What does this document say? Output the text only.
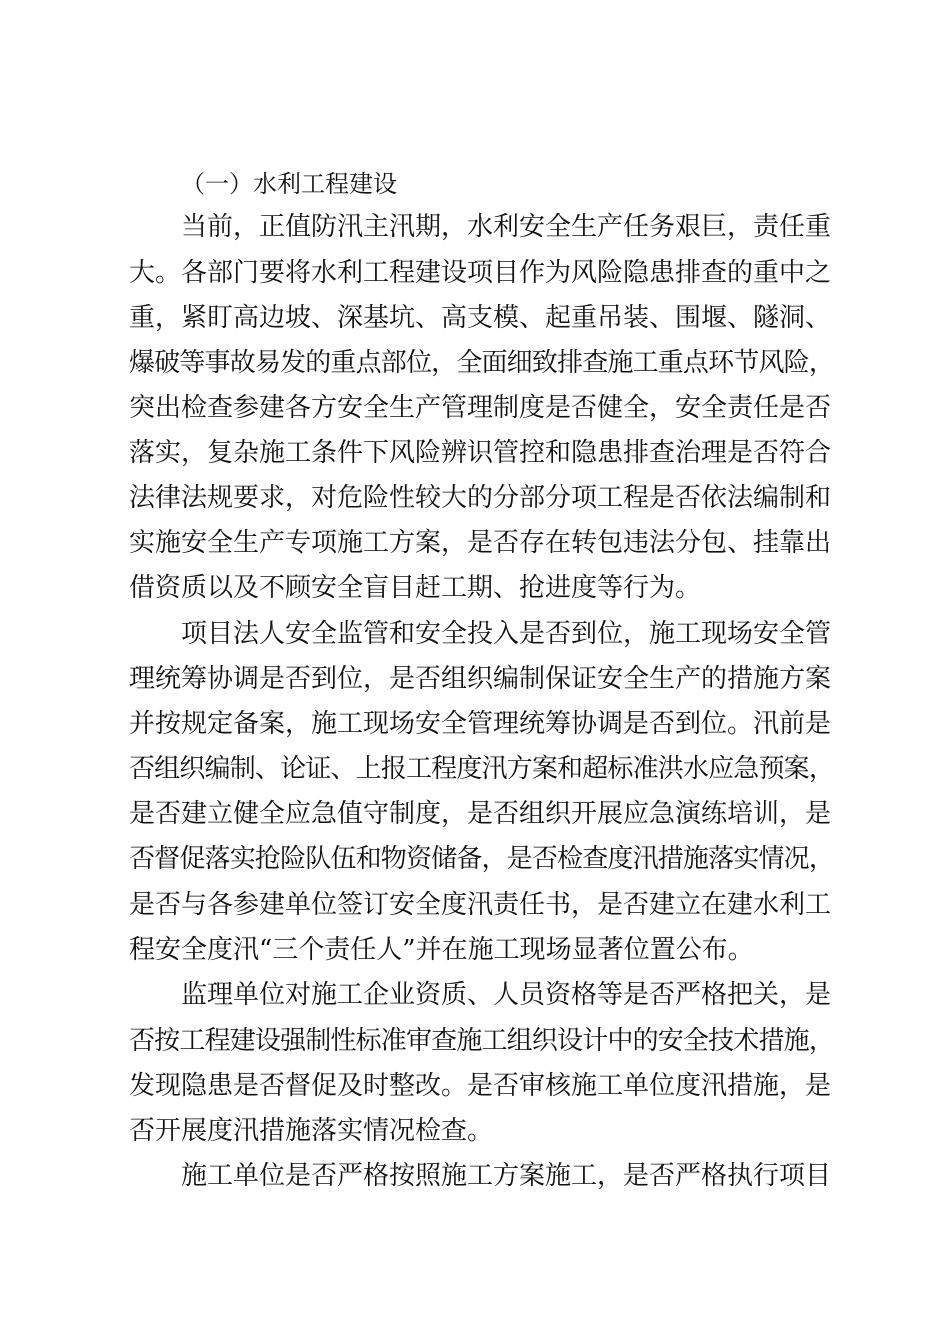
（一）水利工程建设
当前，正值防汛主汛期，水利安全生产任务艰巨，责任重
大。各部门要将水利工程建设项目作为风险隐患排查的重中之
重，紧盯高边坡、深基坑、高支模、起重吊装、围堰、隧洞、
爆破等事故易发的重点部位，全面细致排查施工重点环节风险，
突出检查参建各方安全生产管理制度是否健全，安全责任是否
落实，复杂施工条件下风险辨识管控和隐患排查治理是否符合
法律法规要求，对危险性较大的分部分项工程是否依法编制和
实施安全生产专项施工方案，是否存在转包违法分包、挂靠出
借资质以及不顾安全盲目赶工期、抢进度等行为。
项目法人安全监管和安全投入是否到位，施工现场安全管
理统筹协调是否到位，是否组织编制保证安全生产的措施方案
并按规定备案，施工现场安全管理统筹协调是否到位。汛前是
否组织编制、论证、上报工程度汛方案和超标准洪水应急预案，
是否建立健全应急值守制度，是否组织开展应急演练培训，是
否督促落实抢险队伍和物资储备，是否检查度汛措施落实情况，
是否与各参建单位签订安全度汛责任书，是否建立在建水利工
程安全度汛“三个责任人”并在施工现场显著位置公布。
监理单位对施工企业资质、人员资格等是否严格把关，是
否按工程建设强制性标准审查施工组织设计中的安全技术措施，
发现隐患是否督促及时整改。是否审核施工单位度汛措施，是
否开展度汛措施落实情况检查。
施工单位是否严格按照施工方案施工，是否严格执行项目
